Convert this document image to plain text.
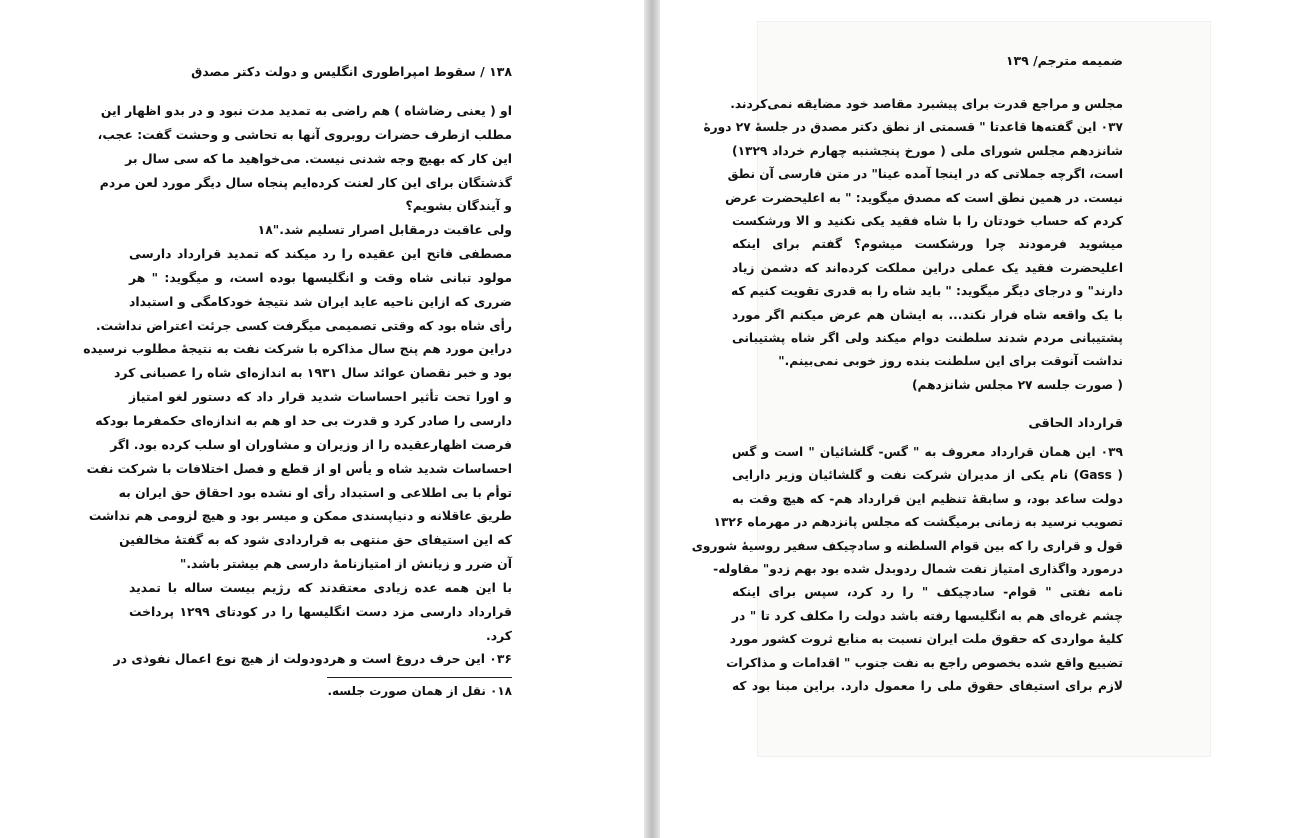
۱۳۸ / سقوط امپراطوری انگلیس و دولت دکتر مصدق
او ( یعنی رضاشاه ) هم راضی به تمدید مدت نبود و در بدو اظهار این
مطلب ازطرف حضرات روبروی آنها به تحاشی و وحشت گفت: عجب،
این کار که بهیچ وجه شدنی نیست. می‌خواهید ما که سی سال بر
گذشتگان برای این کار لعنت کرده‌ایم پنجاه سال دیگر مورد لعن مردم
و آیندگان بشویم؟
ولی عاقبت درمقابل اصرار تسلیم شد."۱۸
مصطفی فاتح این عقیده را رد میکند که تمدید قرارداد دارسی
مولود تبانی شاه وقت و انگلیسها بوده است، و میگوید: " هر
ضرری که ازاین ناحیه عاید ایران شد نتیجهٔ خودکامگی و استبداد
رأی شاه بود که وقتی تصمیمی میگرفت کسی جرئت اعتراض نداشت.
دراین مورد هم پنج سال مذاکره با شرکت نفت به نتیجهٔ مطلوب نرسیده
بود و خبر نقصان عوائد سال ۱۹۳۱ به اندازه‌ای شاه را عصبانی کرد
و اورا تحت تأثیر احساسات شدید قرار داد که دستور لغو امتیاز
دارسی را صادر کرد و قدرت بی حد او هم به اندازه‌ای حکمفرما بودکه
فرصت اظهارعقیده را از وزیران و مشاوران او سلب کرده بود. اگر
احساسات شدید شاه و یأس او از قطع و فصل اختلافات با شرکت نفت
توأم با بی اطلاعی و استبداد رأی او نشده بود احقاق حق ایران به
طریق عاقلانه و دنیاپسندی ممکن و میسر بود و هیچ لزومی هم نداشت
که این استیفای حق منتهی به قراردادی شود که به گفتهٔ مخالفین
آن ضرر و زیانش از امتیازنامهٔ دارسی هم بیشتر باشد."
با این همه عده زیادی معتقدند که رژیم بیست ساله با تمدید
قرارداد دارسی مزد دست انگلیسها را در کودتای ۱۲۹۹ پرداخت
کرد.
۰۳۶ این حرف دروغ است و هردودولت از هیچ نوع اعمال نفوذی در
۰۱۸ نقل از همان صورت جلسه.
ضمیمه مترجم/ ۱۳۹
مجلس و مراجع قدرت برای پیشبرد مقاصد خود مضایقه نمی‌کردند.
۰۳۷ این گفته‌ها قاعدتا " قسمتی از نطق دکتر مصدق در جلسهٔ ۲۷ دورهٔ
شانزدهم مجلس شورای ملی ( مورخ پنجشنبه چهارم خرداد ۱۳۲۹)
است، اگرچه جملاتی که در اینجا آمده عینا" در متن فارسی آن نطق
نیست. در همین نطق است که مصدق میگوید: " به اعلیحضرت عرض
کردم که حساب خودتان را با شاه فقید یکی نکنید و الا ورشکست
میشوید فرمودند چرا ورشکست میشوم؟ گفتم برای اینکه
اعلیحضرت فقید یک عملی دراین مملکت کرده‌اند که دشمن زیاد
دارند" و درجای دیگر میگوید: " باید شاه را به قدری تقویت کنیم که
با یک واقعه شاه فرار نکند... به ایشان هم عرض میکنم اگر مورد
پشتیبانی مردم شدند سلطنت دوام میکند ولی اگر شاه پشتیبانی
نداشت آنوقت برای این سلطنت بنده روز خوبی نمی‌بینم."
( صورت جلسه ۲۷ مجلس شانزدهم)
قرارداد الحاقی
۰۳۹ این همان قرارداد معروف به " گس- گلشائیان " است و گس
( Gass) نام یکی از مدیران شرکت نفت و گلشائیان وزیر دارایی
دولت ساعد بود، و سابقهٔ تنظیم این قرارداد هم- که هیچ وقت به
تصویب نرسید به زمانی برمیگشت که مجلس پانزدهم در مهرماه ۱۳۲۶
قول و قراری را که بین قوام السلطنه و سادچیکف سفیر روسیهٔ شوروی
درمورد واگذاری امتیاز نفت شمال ردوبدل شده بود بهم زدو" مقاوله-
نامه نفتی " قوام- سادچیکف " را رد کرد، سپس برای اینکه
چشم غره‌ای هم به انگلیسها رفته باشد دولت را مکلف کرد تا " در
کلیهٔ مواردی که حقوق ملت ایران نسبت به منابع ثروت کشور مورد
تضییع واقع شده بخصوص راجع به نفت جنوب " اقدامات و مذاکرات
لازم برای استیفای حقوق ملی را معمول دارد. براین مبنا بود که
